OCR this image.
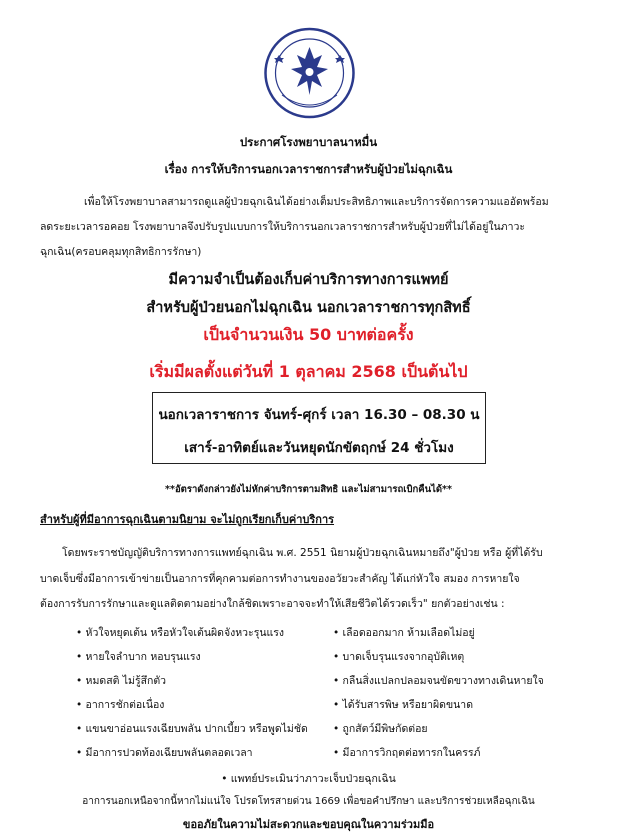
ประกาศโรงพยาบาลนาหมื่น
เรื่อง การให้บริการนอกเวลาราชการสำหรับผู้ป่วยไม่ฉุกเฉิน
เพื่อให้โรงพยาบาลสามารถดูแลผู้ป่วยฉุกเฉินได้อย่างเต็มประสิทธิภาพและบริการจัดการความแออัดพร้อม
ลดระยะเวลารอคอย โรงพยาบาลจึงปรับรูปแบบการให้บริการนอกเวลาราชการสำหรับผู้ป่วยที่ไม่ได้อยู่ในภาวะ
ฉุกเฉิน(ครอบคลุมทุกสิทธิการรักษา)
มีความจำเป็นต้องเก็บค่าบริการทางการแพทย์
สำหรับผู้ป่วยนอกไม่ฉุกเฉิน นอกเวลาราชการทุกสิทธิ์
เป็นจำนวนเงิน 50 บาทต่อครั้ง
เริ่มมีผลตั้งแต่วันที่ 1 ตุลาคม 2568 เป็นต้นไป
นอกเวลาราชการ จันทร์-ศุกร์ เวลา 16.30 – 08.30 น
เสาร์-อาทิตย์และวันหยุดนักขัตฤกษ์ 24 ชั่วโมง
**อัตราดังกล่าวยังไม่หักค่าบริการตามสิทธิ และไม่สามารถเบิกคืนได้**
สำหรับผู้ที่มีอาการฉุกเฉินตามนิยาม จะไม่ถูกเรียกเก็บค่าบริการ
โดยพระราชบัญญัติบริการทางการแพทย์ฉุกเฉิน พ.ศ. 2551 นิยามผู้ป่วยฉุกเฉินหมายถึง"ผู้ป่วย หรือ ผู้ที่ได้รับ
บาดเจ็บซึ่งมีอาการเข้าข่ายเป็นอาการที่คุกคามต่อการทำงานของอวัยวะสำคัญ ได้แก่หัวใจ สมอง การหายใจ
ต้องการรับการรักษาและดูแลติดตามอย่างใกล้ชิดเพราะอาจจะทำให้เสียชีวิตได้รวดเร็ว" ยกตัวอย่างเช่น :
• หัวใจหยุดเต้น หรือหัวใจเต้นผิดจังหวะรุนแรง
• หายใจลำบาก หอบรุนแรง
• หมดสติ ไม่รู้สึกตัว
• อาการชักต่อเนื่อง
• แขนขาอ่อนแรงเฉียบพลัน ปากเบี้ยว หรือพูดไม่ชัด
• มีอาการปวดท้องเฉียบพลันตลอดเวลา
• เลือดออกมาก ห้ามเลือดไม่อยู่
• บาดเจ็บรุนแรงจากอุบัติเหตุ
• กลืนสิ่งแปลกปลอมจนขัดขวางทางเดินหายใจ
• ได้รับสารพิษ หรือยาผิดขนาด
• ถูกสัตว์มีพิษกัดต่อย
• มีอาการวิกฤตต่อทารกในครรภ์
• แพทย์ประเมินว่าภาวะเจ็บป่วยฉุกเฉิน
อาการนอกเหนือจากนี้หากไม่แน่ใจ โปรดโทรสายด่วน 1669 เพื่อขอคำปรึกษา และบริการช่วยเหลือฉุกเฉิน
ขออภัยในความไม่สะดวกและขอบคุณในความร่วมมือ
